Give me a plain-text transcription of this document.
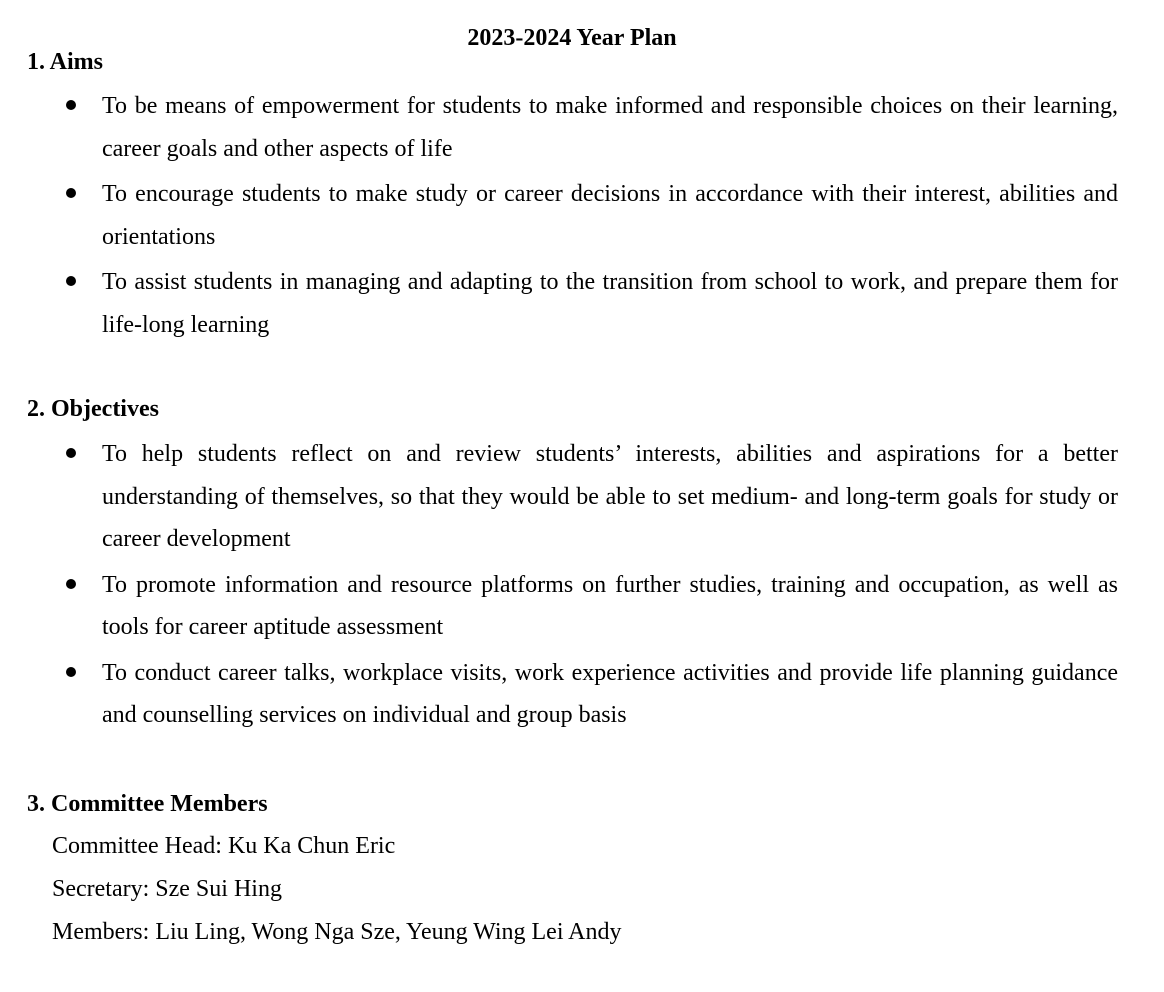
2023-2024 Year Plan
1. Aims
To be means of empowerment for students to make informed and responsible choices on their learning, career goals and other aspects of life
To encourage students to make study or career decisions in accordance with their interest, abilities and orientations
To assist students in managing and adapting to the transition from school to work, and prepare them for life-long learning
2. Objectives
To help students reflect on and review students’ interests, abilities and aspirations for a better understanding of themselves, so that they would be able to set medium- and long-term goals for study or career development
To promote information and resource platforms on further studies, training and occupation, as well as tools for career aptitude assessment
To conduct career talks, workplace visits, work experience activities and provide life planning guidance and counselling services on individual and group basis
3. Committee Members
Committee Head: Ku Ka Chun Eric
Secretary: Sze Sui Hing
Members: Liu Ling, Wong Nga Sze, Yeung Wing Lei Andy
